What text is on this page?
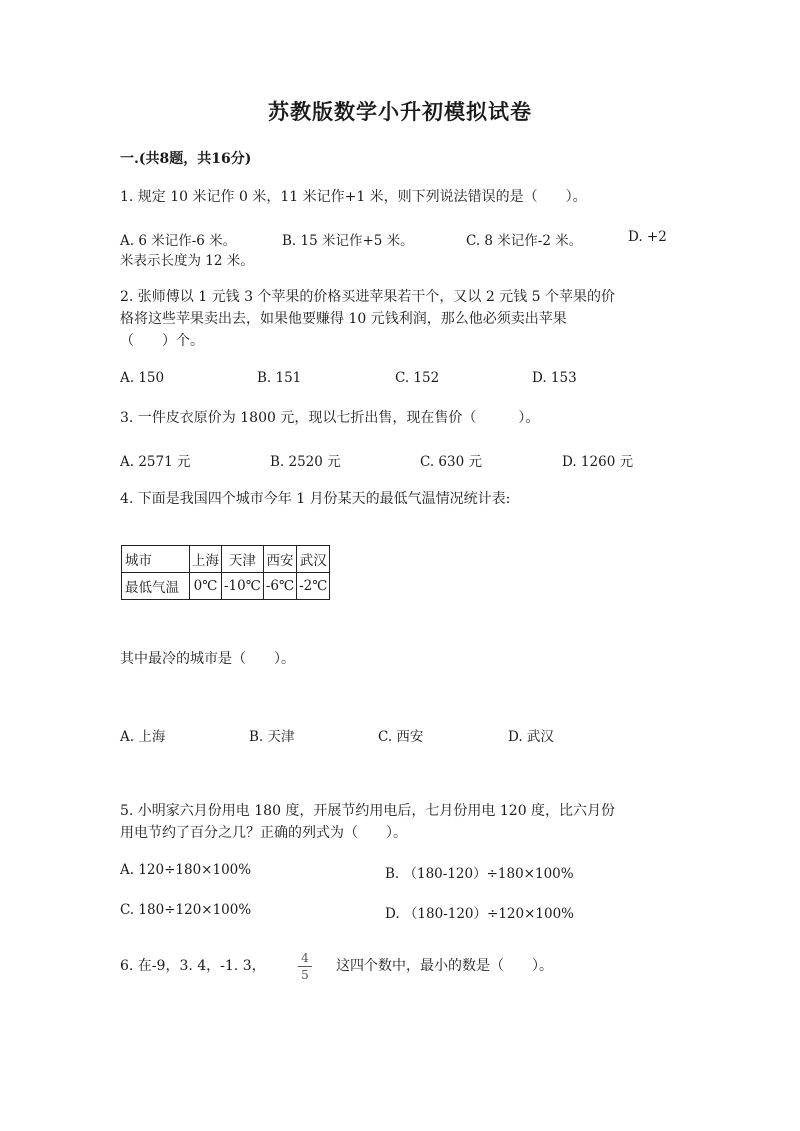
苏教版数学小升初模拟试卷
一.(共8题，共16分)
1. 规定 10 米记作 0 米，11 米记作+1 米，则下列说法错误的是（　　）。
A. 6 米记作-6 米。	B. 15 米记作+5 米。	C. 8 米记作-2 米。	D. +2
米表示长度为 12 米。
2. 张师傅以 1 元钱 3 个苹果的价格买进苹果若干个，又以 2 元钱 5 个苹果的价
格将这些苹果卖出去，如果他要赚得 10 元钱利润，那么他必须卖出苹果
（　　）个。
A. 150	B. 151	C. 152	D. 153
3. 一件皮衣原价为 1800 元，现以七折出售，现在售价（　　　）。
A. 2571 元	B. 2520 元	C. 630 元	D. 1260 元
4. 下面是我国四个城市今年 1 月份某天的最低气温情况统计表:
城市	上海	天津	西安	武汉
最低气温	0℃	-10℃	-6℃	-2℃
其中最冷的城市是（　　）。
A. 上海	B. 天津	C. 西安	D. 武汉
5. 小明家六月份用电 180 度，开展节约用电后，七月份用电 120 度，比六月份
用电节约了百分之几？正确的列式为（　　）。
A. 120÷180×100%	B. （180-120）÷180×100%
C. 180÷120×100%	D. （180-120）÷120×100%
6. 在-9，3. 4，-1. 3，	4
5
这四个数中，最小的数是（　　）。
